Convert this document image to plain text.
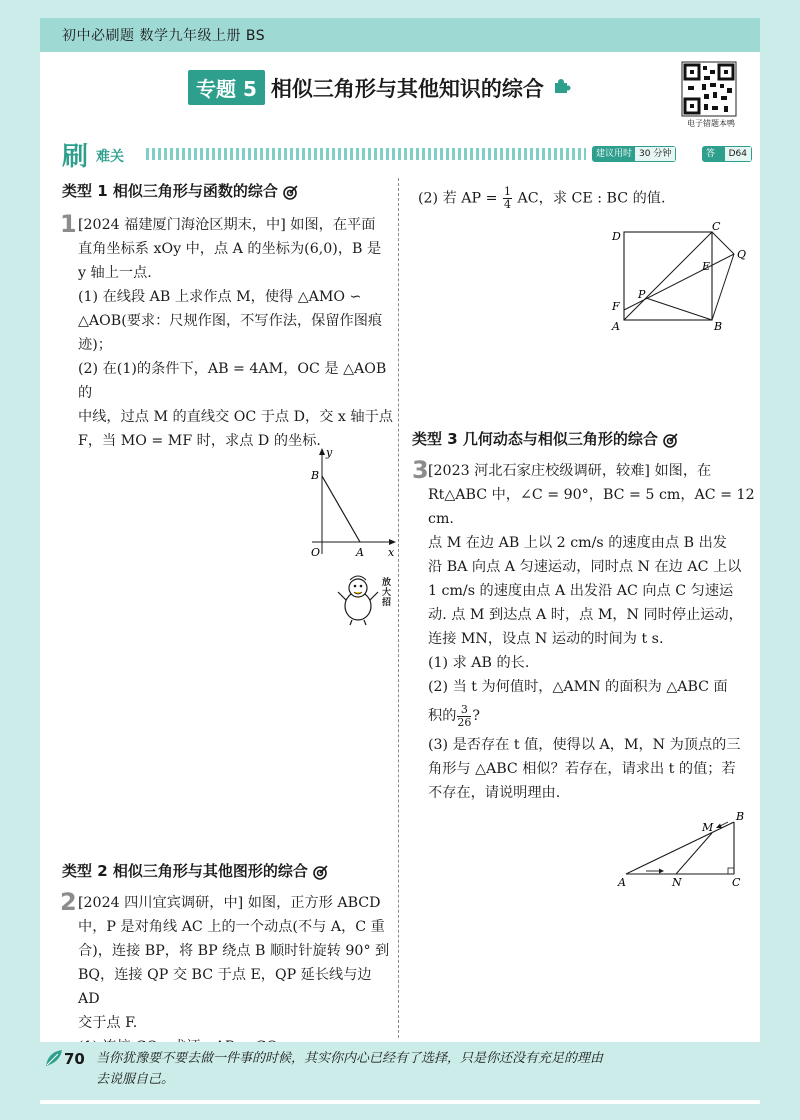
初中必刷题 数学九年级上册 BS
专题 5 相似三角形与其他知识的综合
电子错题本鸭
刷 难关	建议用时 30 分钟	答案
D64
类型 1 相似三角形与函数的综合
1 [2024 福建厦门海沧区期末，中] 如图，在平面

直角坐标系 xOy 中，点 A 的坐标为(6,0)，B 是

y 轴上一点.

(1) 在线段 AB 上求作点 M，使得 △AMO ∽

△AOB(要求：尺规作图，不写作法，保留作图痕

迹)；

(2) 在(1)的条件下，AB = 4AM，OC 是 △AOB 的

中线，过点 M 的直线交 OC 于点 D，交 x 轴于点

F，当 MO = MF 时，求点 D 的坐标.

y
B
O	A x
放大招
类型 2 相似三角形与其他图形的综合
2 [2024 四川宜宾调研，中] 如图，正方形 ABCD

中，P 是对角线 AC 上的一个动点(不与 A，C 重

合)，连接 BP，将 BP 绕点 B 顺时针旋转 90° 到

BQ，连接 QP 交 BC 于点 E，QP 延长线与边 AD

交于点 F.

(2) 若 AP = $\frac{1}{4}$ AC，求 CE : BC 的值.

D
C
Q
E
F
P
A	B
类型 3 几何动态与相似三角形的综合
3 [2023 河北石家庄校级调研，较难] 如图，在

Rt△ABC 中，∠C = 90°，BC = 5 cm，AC = 12 cm.

点 M 在边 AB 上以 2 cm/s 的速度由点 B 出发

沿 BA 向点 A 匀速运动，同时点 N 在边 AC 上以

1 cm/s 的速度由点 A 出发沿 AC 向点 C 匀速运

动. 点 M 到达点 A 时，点 M，N 同时停止运动，

连接 MN，设点 N 运动的时间为 t s.

(1) 求 AB 的长.

(2) 当 t 为何值时，△AMN 的面积为 △ABC 面

积的 $\frac{3}{26}$ ?

(3) 是否存在 t 值，使得以 A，M，N 为顶点的三

角形与 △ABC 相似？若存在，请求出 t 的值；若

不存在，请说明理由.

M
B
A	N	C
70 当你犹豫要不要去做一件事的时候，其实你内心已经有了选择，只是你还没有充足的理由
去说服自己。
